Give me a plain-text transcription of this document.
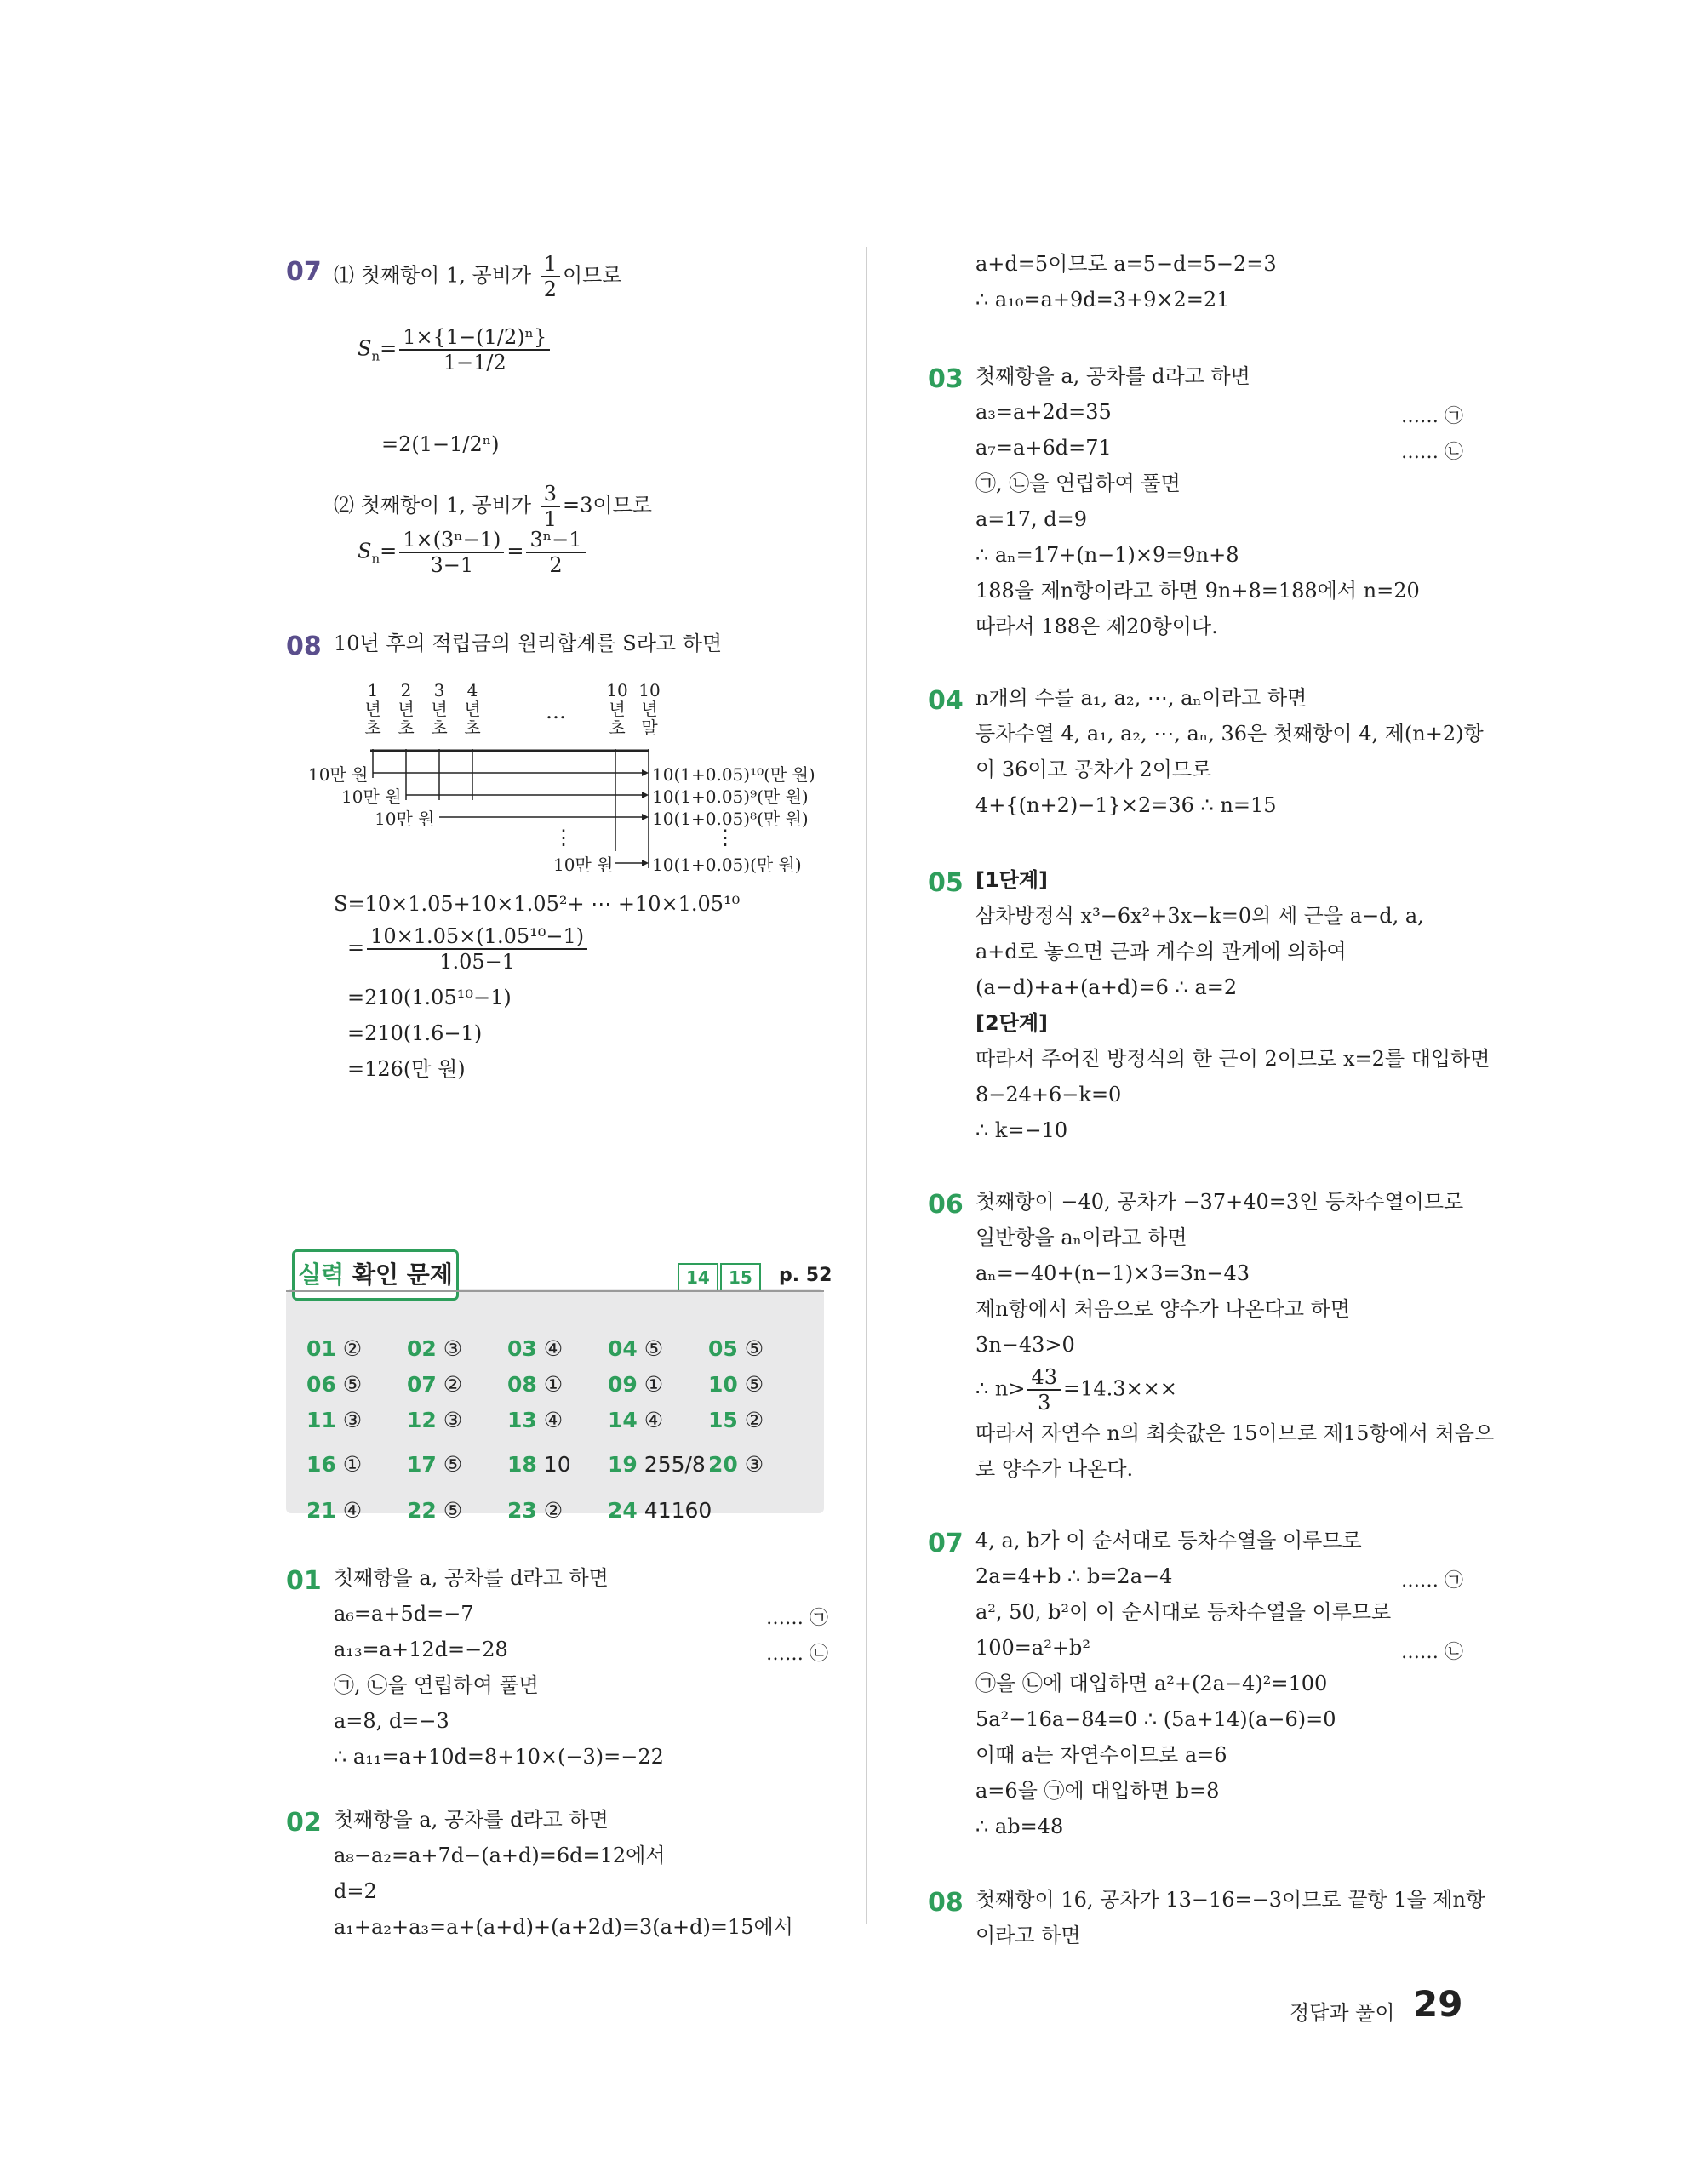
07 ⑴ 첫째항이 1, 공비가 $\frac{1}{2}$ 이므로
$S_n= \frac{\text{1×\{1−(1/2)ⁿ\}}}{1-1/2}$
=2(1−1/2ⁿ)
⑵ 첫째항이 1, 공비가 $\frac{3}{1} =3$이므로
$S_n= \frac{\text{1×(3ⁿ−1)}}{3-1} = \frac{\text{3ⁿ−1}}{2}$
08 10년 후의 적립금의 원리합계를 S라고 하면
1년초
2년초
3년초
4년초
…
10년초
10년말
10만 원
10만 원
10만 원
⋮
10만 원
10(1+0.05)¹⁰(만 원)
10(1+0.05)⁹(만 원)
10(1+0.05)⁸(만 원)
⋮
10(1+0.05)(만 원)
S=10×1.05+10×1.05²+ ⋯ +10×1.05¹⁰
= $\frac{\text{10×1.05×(1.05¹⁰−1)}}{1.05-1}$
=210(1.05¹⁰−1)
=210(1.6−1)
=126(만 원)
실력 확인 문제	14	15	p. 52
01 ② 02 ③ 03 ④ 04 ⑤ 05 ⑤
06 ⑤ 07 ② 08 ① 09 ① 10 ⑤
11 ③ 12 ③ 13 ④ 14 ④ 15 ②
16 ① 17 ⑤ 18 10 19 255/8 20 ③
21 ④ 22 ⑤ 23 ② 24 41160
01 첫째항을 a, 공차를 d라고 하면
a₆=a+5d=−7	…… ㉠
a₁₃=a+12d=−28	…… ㉡
㉠, ㉡을 연립하여 풀면
a=8, d=−3
∴ a₁₁=a+10d=8+10×(−3)=−22
02 첫째항을 a, 공차를 d라고 하면
a₈−a₂=a+7d−(a+d)=6d=12에서
d=2
a₁+a₂+a₃=a+(a+d)+(a+2d)=3(a+d)=15에서
a+d=5이므로 a=5−d=5−2=3
∴ a₁₀=a+9d=3+9×2=21
03 첫째항을 a, 공차를 d라고 하면
a₃=a+2d=35	…… ㉠
a₇=a+6d=71	…… ㉡
㉠, ㉡을 연립하여 풀면
a=17, d=9
∴ aₙ=17+(n−1)×9=9n+8
188을 제n항이라고 하면 9n+8=188에서 n=20
따라서 188은 제20항이다.
04 n개의 수를 a₁, a₂, ⋯, aₙ이라고 하면
등차수열 4, a₁, a₂, ⋯, aₙ, 36은 첫째항이 4, 제(n+2)항
이 36이고 공차가 2이므로
4+{(n+2)−1}×2=36 ∴ n=15
05 [1단계]
삼차방정식 x³−6x²+3x−k=0의 세 근을 a−d, a,
a+d로 놓으면 근과 계수의 관계에 의하여
(a−d)+a+(a+d)=6 ∴ a=2
[2단계]
따라서 주어진 방정식의 한 근이 2이므로 x=2를 대입하면
8−24+6−k=0
∴ k=−10
06 첫째항이 −40, 공차가 −37+40=3인 등차수열이므로
일반항을 aₙ이라고 하면
aₙ=−40+(n−1)×3=3n−43
제n항에서 처음으로 양수가 나온다고 하면
3n−43>0
∴ $n> \frac{43}{3} =14.3\times\times\times$
따라서 자연수 n의 최솟값은 15이므로 제15항에서 처음으
로 양수가 나온다.
07 4, a, b가 이 순서대로 등차수열을 이루므로
2a=4+b ∴ b=2a−4	…… ㉠
a², 50, b²이 이 순서대로 등차수열을 이루므로
100=a²+b²	…… ㉡
㉠을 ㉡에 대입하면 a²+(2a−4)²=100
5a²−16a−84=0 ∴ (5a+14)(a−6)=0
이때 a는 자연수이므로 a=6
a=6을 ㉠에 대입하면 b=8
∴ ab=48
08 첫째항이 16, 공차가 13−16=−3이므로 끝항 1을 제n항
이라고 하면
정답과 풀이 29
